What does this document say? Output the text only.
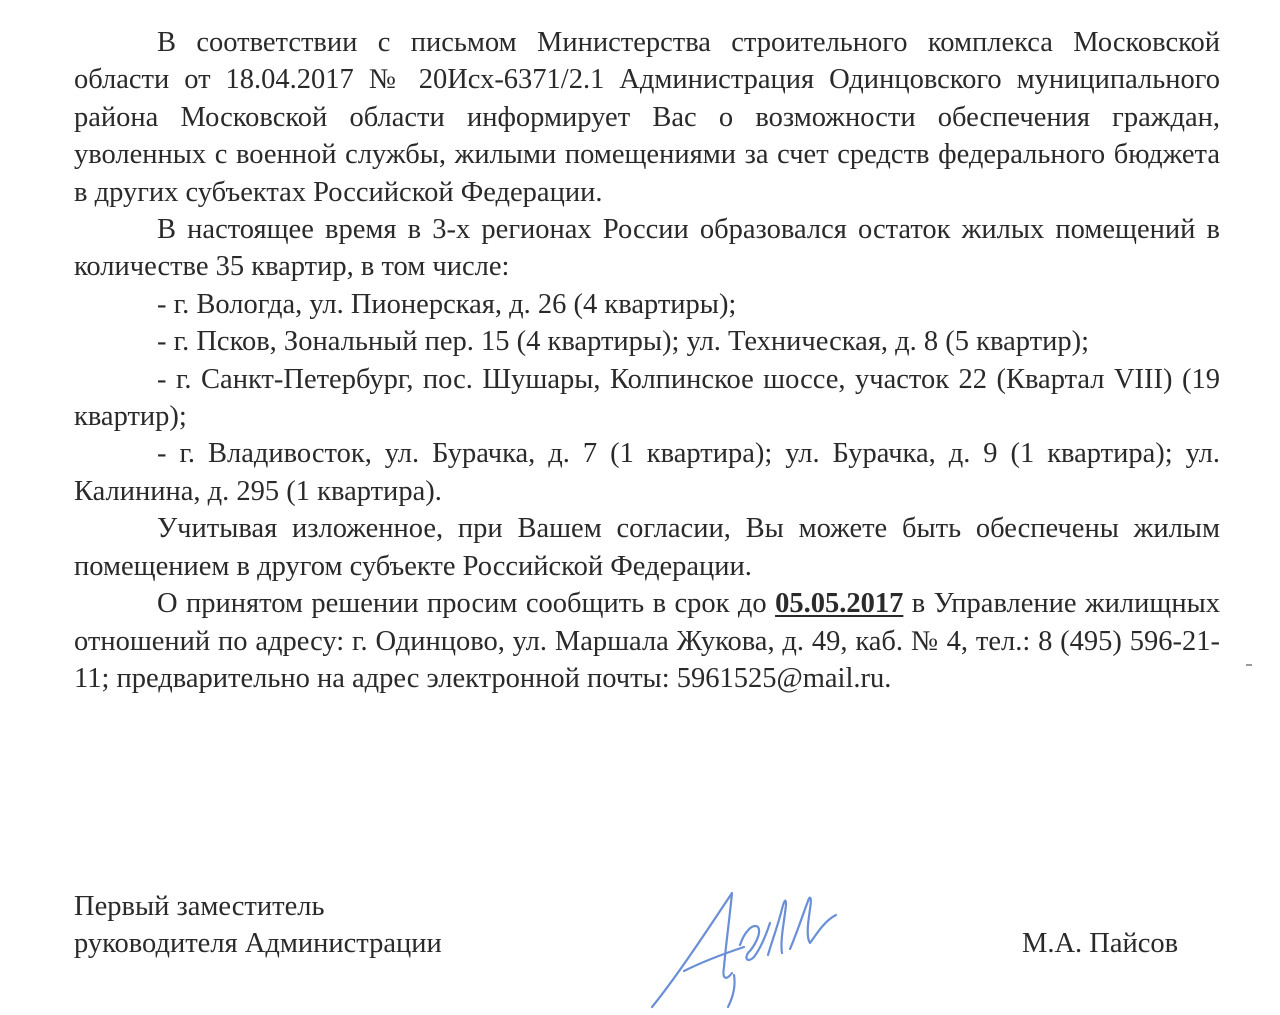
В соответствии с письмом Министерства строительного комплекса Московской области от 18.04.2017 № 20Исх-6371/2.1 Администрация Одинцовского муниципального района Московской области информирует Вас о возможности обеспечения граждан, уволенных с военной службы, жилыми помещениями за счет средств федерального бюджета в других субъектах Российской Федерации.

В настоящее время в 3-х регионах России образовался остаток жилых помещений в количестве 35 квартир, в том числе:

- г. Вологда, ул. Пионерская, д. 26 (4 квартиры);

- г. Псков, Зональный пер. 15 (4 квартиры); ул. Техническая, д. 8 (5 квартир);

- г. Санкт-Петербург, пос. Шушары, Колпинское шоссе, участок 22 (Квартал VIII) (19 квартир);

- г. Владивосток, ул. Бурачка, д. 7 (1 квартира); ул. Бурачка, д. 9 (1 квартира); ул. Калинина, д. 295 (1 квартира).

Учитывая изложенное, при Вашем согласии, Вы можете быть обеспечены жилым помещением в другом субъекте Российской Федерации.

О принятом решении просим сообщить в срок до 05.05.2017 в Управление жилищных отношений по адресу: г. Одинцово, ул. Маршала Жукова, д. 49, каб. № 4, тел.: 8 (495) 596-21-11; предварительно на адрес электронной почты: 5961525@mail.ru.

Первый заместитель
руководителя Администрации	М.А. Пайсов
